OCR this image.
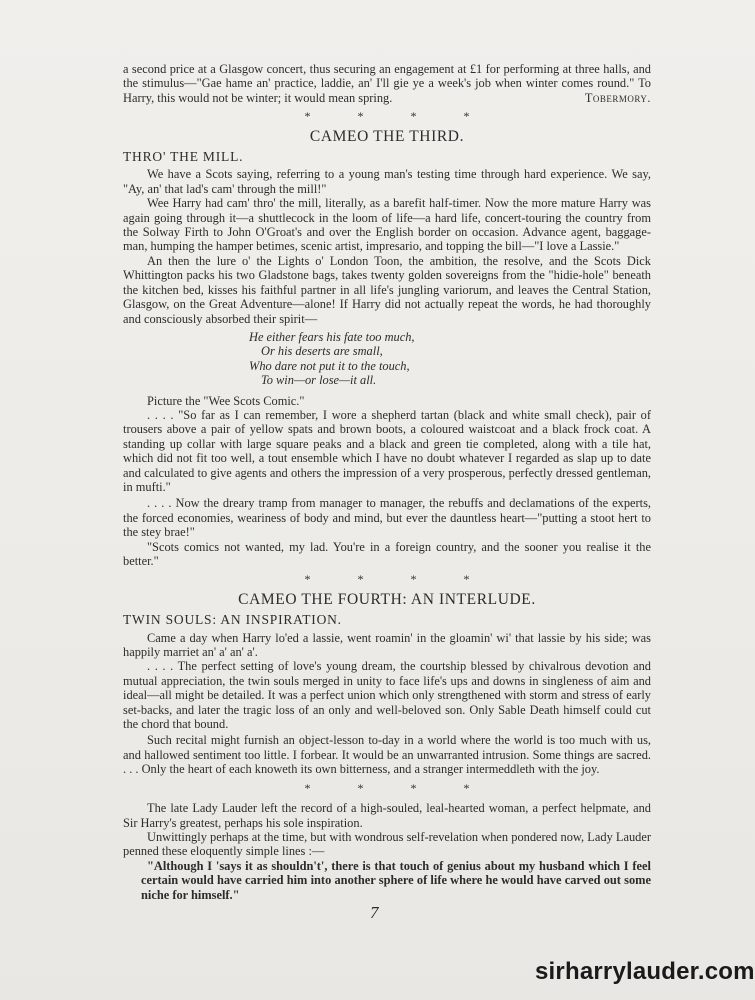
a second price at a Glasgow concert, thus securing an engagement at £1 for performing at three halls, and the stimulus—"Gae hame an' practice, laddie, an' I'll gie ye a week's job when winter comes round." To Harry, this would not be winter; it would mean spring.	Tobermory.

* * * *
CAMEO THE THIRD.
THRO' THE MILL.

We have a Scots saying, referring to a young man's testing time through hard experience. We say, "Ay, an' that lad's cam' through the mill!"

Wee Harry had cam' thro' the mill, literally, as a barefit half-timer. Now the more mature Harry was again going through it—a shuttlecock in the loom of life—a hard life, concert-touring the country from the Solway Firth to John O'Groat's and over the English border on occasion. Advance agent, baggage-man, humping the hamper betimes, scenic artist, impresario, and topping the bill—"I love a Lassie."

An then the lure o' the Lights o' London Toon, the ambition, the resolve, and the Scots Dick Whittington packs his two Gladstone bags, takes twenty golden sovereigns from the "hidie-hole" beneath the kitchen bed, kisses his faithful partner in all life's jungling variorum, and leaves the Central Station, Glasgow, on the Great Adventure—alone! If Harry did not actually repeat the words, he had thoroughly and consciously absorbed their spirit—

He either fears his fate too much,
Or his deserts are small,
Who dare not put it to the touch,
To win—or lose—it all.

Picture the "Wee Scots Comic."

. . . . "So far as I can remember, I wore a shepherd tartan (black and white small check), pair of trousers above a pair of yellow spats and brown boots, a coloured waistcoat and a black frock coat. A standing up collar with large square peaks and a black and green tie completed, along with a tile hat, which did not fit too well, a tout ensemble which I have no doubt whatever I regarded as slap up to date and calculated to give agents and others the impression of a very prosperous, perfectly dressed gentleman, in mufti."

. . . . Now the dreary tramp from manager to manager, the rebuffs and declamations of the experts, the forced economies, weariness of body and mind, but ever the dauntless heart—"putting a stoot hert to the stey brae!"

"Scots comics not wanted, my lad. You're in a foreign country, and the sooner you realise it the better."

* * * *
CAMEO THE FOURTH: AN INTERLUDE.
TWIN SOULS: AN INSPIRATION.

Came a day when Harry lo'ed a lassie, went roamin' in the gloamin' wi' that lassie by his side; was happily marriet an' a' an' a'.

. . . . The perfect setting of love's young dream, the courtship blessed by chivalrous devotion and mutual appreciation, the twin souls merged in unity to face life's ups and downs in singleness of aim and ideal—all might be detailed. It was a perfect union which only strengthened with storm and stress of early set-backs, and later the tragic loss of an only and well-beloved son. Only Sable Death himself could cut the chord that bound.

Such recital might furnish an object-lesson to-day in a world where the world is too much with us, and hallowed sentiment too little. I forbear. It would be an unwarranted intrusion. Some things are sacred. . . . Only the heart of each knoweth its own bitterness, and a stranger intermeddleth with the joy.

* * * *

The late Lady Lauder left the record of a high-souled, leal-hearted woman, a perfect helpmate, and Sir Harry's greatest, perhaps his sole inspiration.

Unwittingly perhaps at the time, but with wondrous self-revelation when pondered now, Lady Lauder penned these eloquently simple lines :—

"Although I 'says it as shouldn't', there is that touch of genius about my husband which I feel certain would have carried him into another sphere of life where he would have carved out some niche for himself."

7
sirharrylauder.com
